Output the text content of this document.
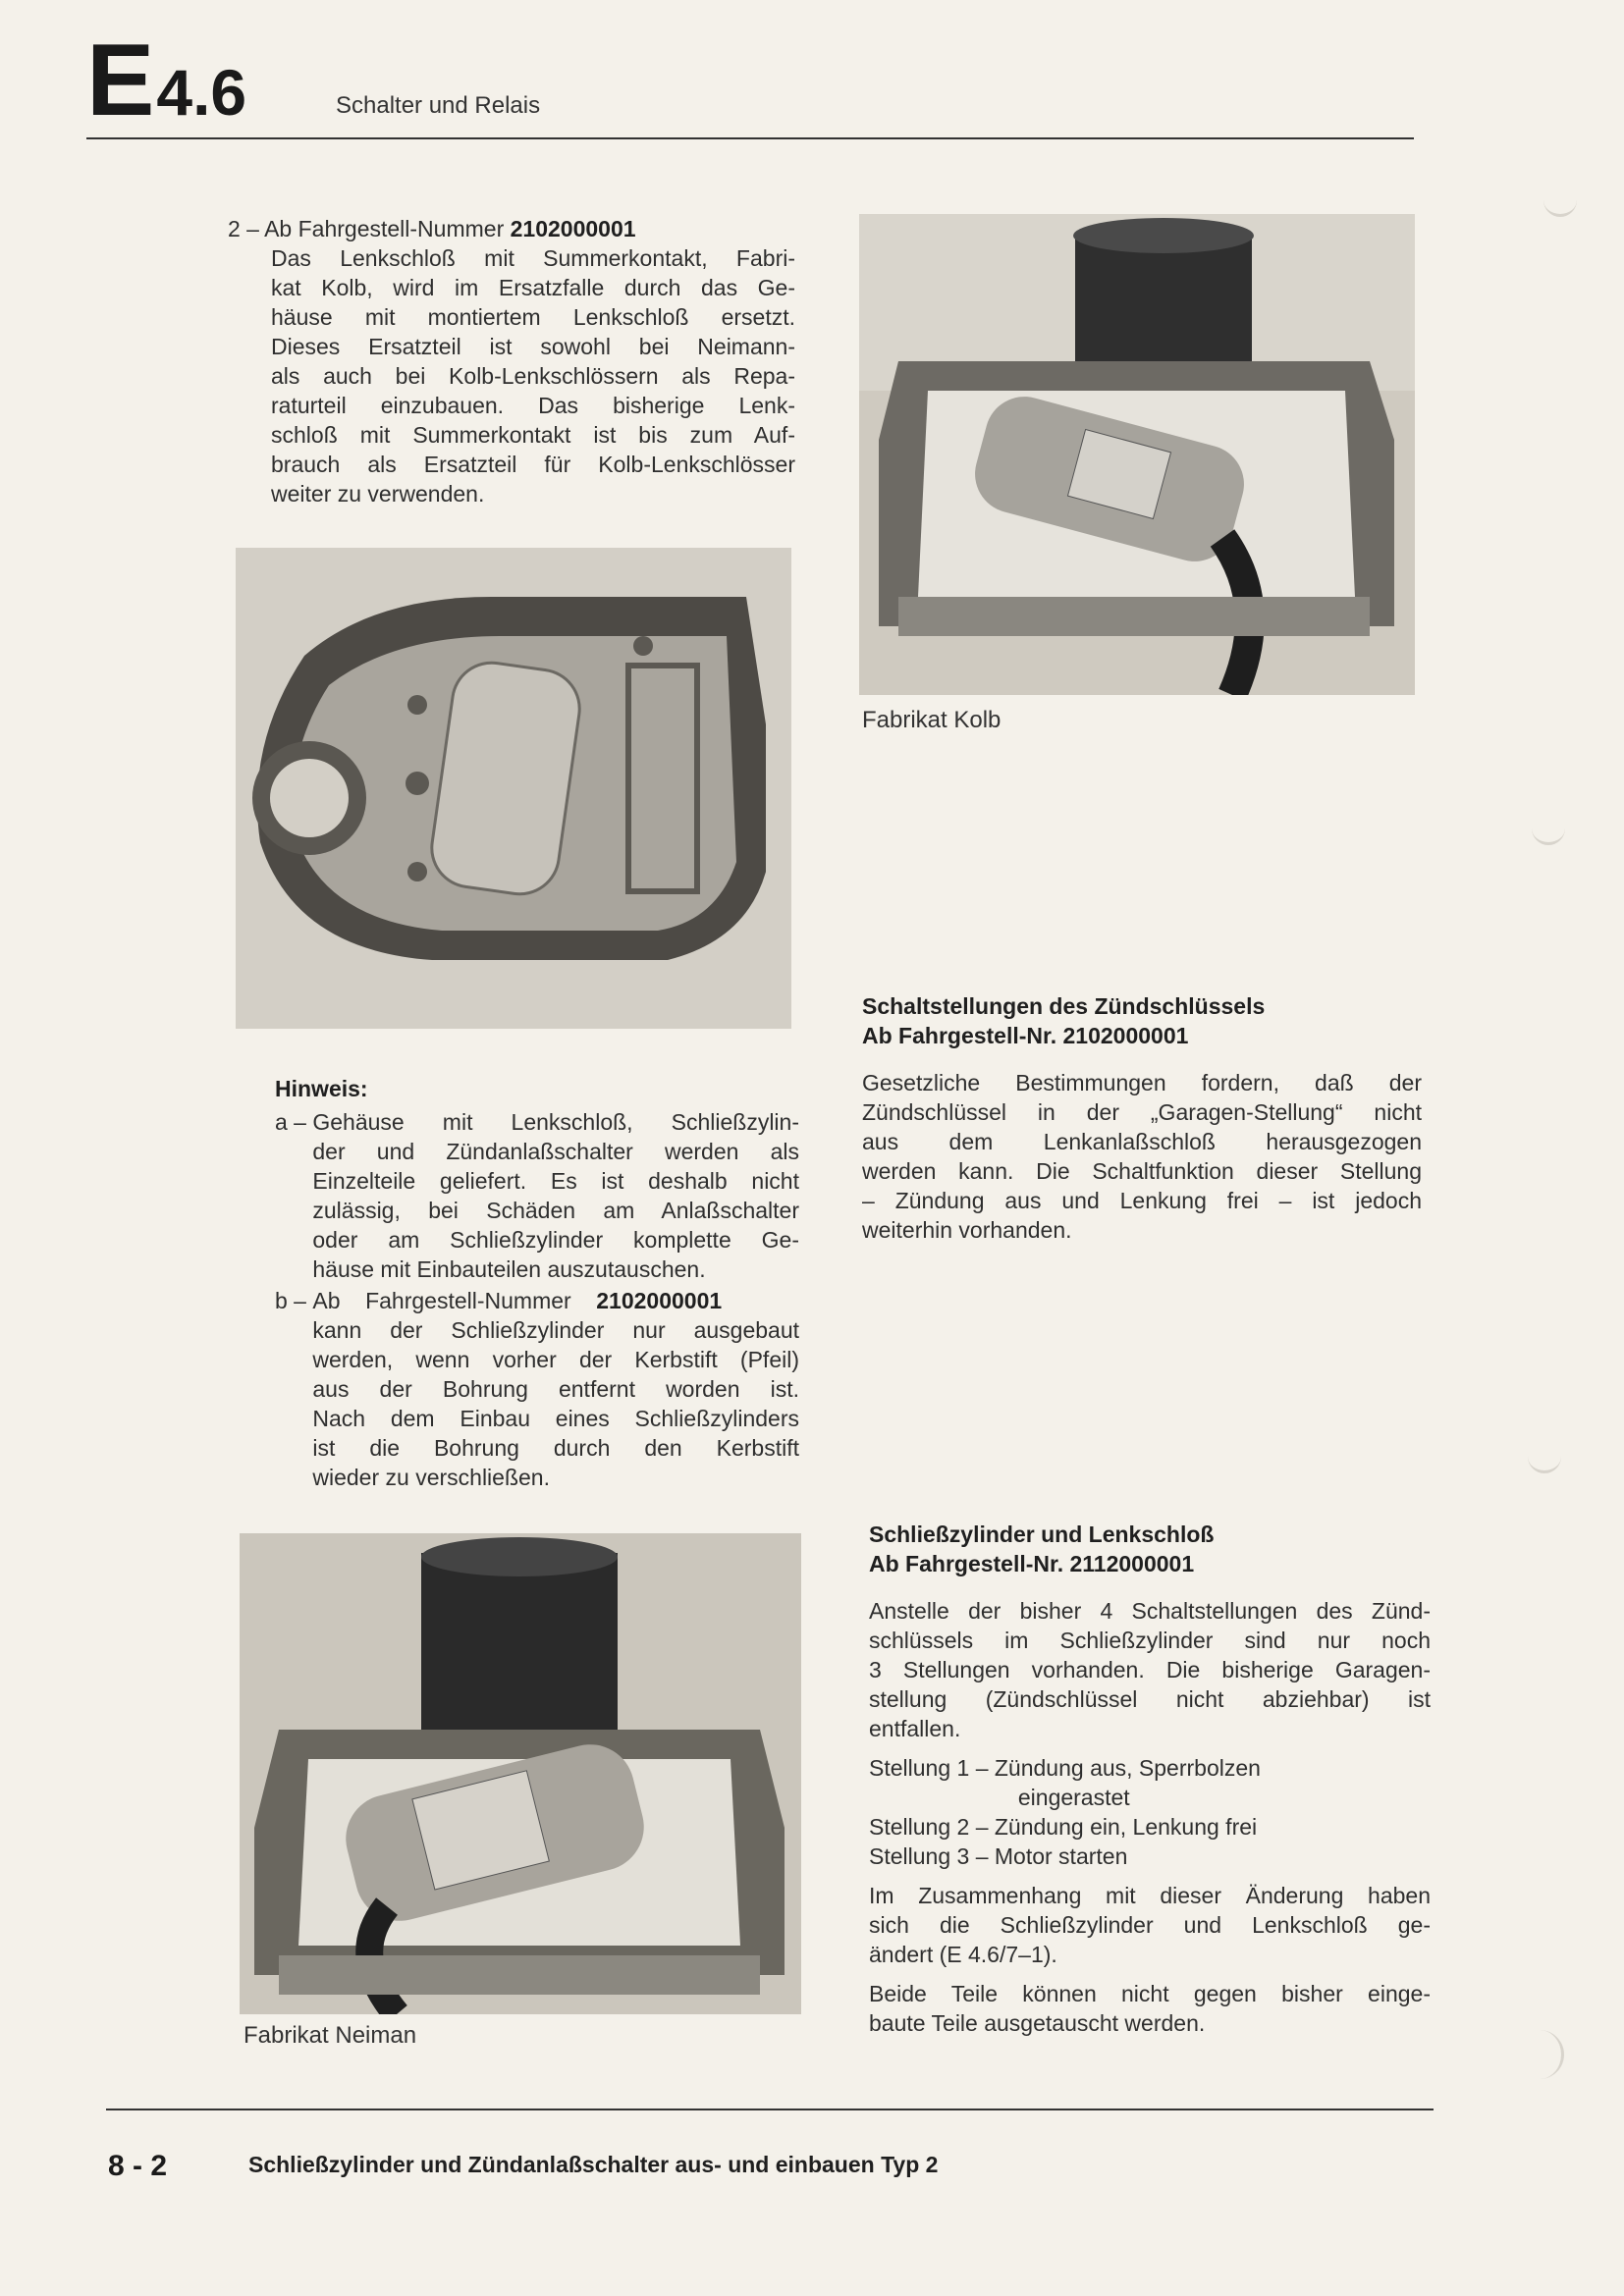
E4.6	Schalter und Relais
2 – Ab Fahrgestell-Nummer 2102000001
Das Lenkschloß mit Summerkontakt, Fabri-
kat Kolb, wird im Ersatzfalle durch das Ge-
häuse mit montiertem Lenkschloß ersetzt.
Dieses Ersatzteil ist sowohl bei Neimann-
als auch bei Kolb-Lenkschlössern als Repa-
raturteil einzubauen. Das bisherige Lenk-
schloß mit Summerkontakt ist bis zum Auf-
brauch als Ersatzteil für Kolb-Lenkschlösser
weiter zu verwenden.
Fabrikat Kolb
Hinweis:
a – Gehäuse mit Lenkschloß, Schließzylin-
der und Zündanlaßschalter werden als
Einzelteile geliefert. Es ist deshalb nicht
zulässig, bei Schäden am Anlaßschalter
oder am Schließzylinder komplette Ge-
häuse mit Einbauteilen auszutauschen.
b – Ab    Fahrgestell-Nummer    2102000001
kann der Schließzylinder nur ausgebaut
werden, wenn vorher der Kerbstift (Pfeil)
aus der Bohrung entfernt worden ist.
Nach dem Einbau eines Schließzylinders
ist die Bohrung durch den Kerbstift
wieder zu verschließen.
Schaltstellungen des Zündschlüssels
Ab Fahrgestell-Nr. 2102000001
Gesetzliche Bestimmungen fordern, daß der
Zündschlüssel in der „Garagen-Stellung“ nicht
aus dem Lenkanlaßschloß herausgezogen
werden kann. Die Schaltfunktion dieser Stellung
– Zündung aus und Lenkung frei – ist jedoch
weiterhin vorhanden.
Fabrikat Neiman
Schließzylinder und Lenkschloß
Ab Fahrgestell-Nr. 2112000001
Anstelle der bisher 4 Schaltstellungen des Zünd-
schlüssels im Schließzylinder sind nur noch
3 Stellungen vorhanden. Die bisherige Garagen-
stellung (Zündschlüssel nicht abziehbar) ist
entfallen.
Stellung 1 – Zündung aus, Sperrbolzen
eingerastet
Stellung 2 – Zündung ein, Lenkung frei
Stellung 3 – Motor starten
Im Zusammenhang mit dieser Änderung haben
sich die Schließzylinder und Lenkschloß ge-
ändert (E 4.6/7–1).
Beide Teile können nicht gegen bisher einge-
baute Teile ausgetauscht werden.
8 - 2	Schließzylinder und Zündanlaßschalter aus- und einbauen Typ 2
